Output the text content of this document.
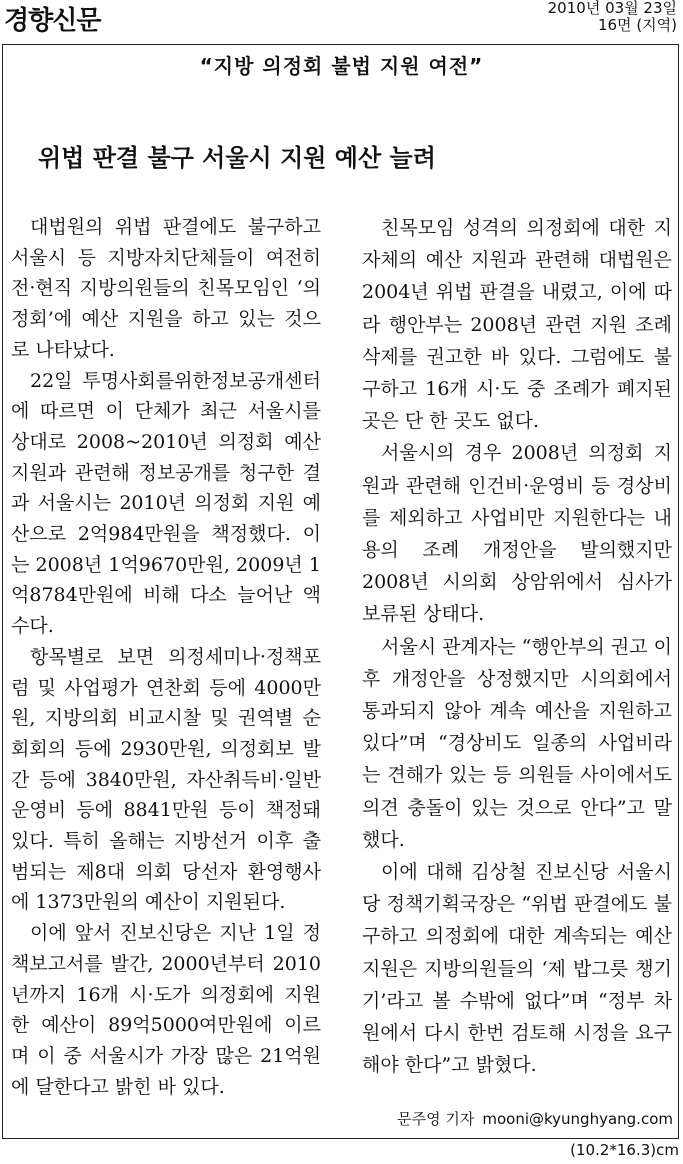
경향신문	2010년 03월 23일
16면 (지역)
“지방 의정회 불법 지원 여전”
위법 판결 불구 서울시 지원 예산 늘려

대법원의 위법 판결에도 불구하고 서울시 등 지방자치단체들이 여전히 전·현직 지방의원들의 친목모임인 ‘의정회’에 예산 지원을 하고 있는 것으로 나타났다.

22일 투명사회를위한정보공개센터에 따르면 이 단체가 최근 서울시를 상대로 2008~2010년 의정회 예산 지원과 관련해 정보공개를 청구한 결과 서울시는 2010년 의정회 지원 예산으로 2억984만원을 책정했다. 이는 2008년 1억9670만원, 2009년 1억8784만원에 비해 다소 늘어난 액수다.

항목별로 보면 의정세미나·정책포럼 및 사업평가 연찬회 등에 4000만원, 지방의회 비교시찰 및 권역별 순회회의 등에 2930만원, 의정회보 발간 등에 3840만원, 자산취득비·일반운영비 등에 8841만원 등이 책정돼 있다. 특히 올해는 지방선거 이후 출범되는 제8대 의회 당선자 환영행사에 1373만원의 예산이 지원된다.

이에 앞서 진보신당은 지난 1일 정책보고서를 발간, 2000년부터 2010년까지 16개 시·도가 의정회에 지원한 예산이 89억5000여만원에 이르며 이 중 서울시가 가장 많은 21억원에 달한다고 밝힌 바 있다.

친목모임 성격의 의정회에 대한 지자체의 예산 지원과 관련해 대법원은 2004년 위법 판결을 내렸고, 이에 따라 행안부는 2008년 관련 지원 조례 삭제를 권고한 바 있다. 그럼에도 불구하고 16개 시·도 중 조례가 폐지된 곳은 단 한 곳도 없다.

서울시의 경우 2008년 의정회 지원과 관련해 인건비·운영비 등 경상비를 제외하고 사업비만 지원한다는 내용의 조례 개정안을 발의했지만 2008년 시의회 상암위에서 심사가 보류된 상태다.

서울시 관계자는 “행안부의 권고 이후 개정안을 상정했지만 시의회에서 통과되지 않아 계속 예산을 지원하고 있다”며 “경상비도 일종의 사업비라는 견해가 있는 등 의원들 사이에서도 의견 충돌이 있는 것으로 안다”고 말했다.

이에 대해 김상철 진보신당 서울시당 정책기획국장은 “위법 판결에도 불구하고 의정회에 대한 계속되는 예산 지원은 지방의원들의 ‘제 밥그릇 챙기기’라고 볼 수밖에 없다”며 “정부 차원에서 다시 한번 검토해 시정을 요구해야 한다”고 밝혔다.

문주영 기자 mooni@kyunghyang.com
(10.2*16.3)cm
